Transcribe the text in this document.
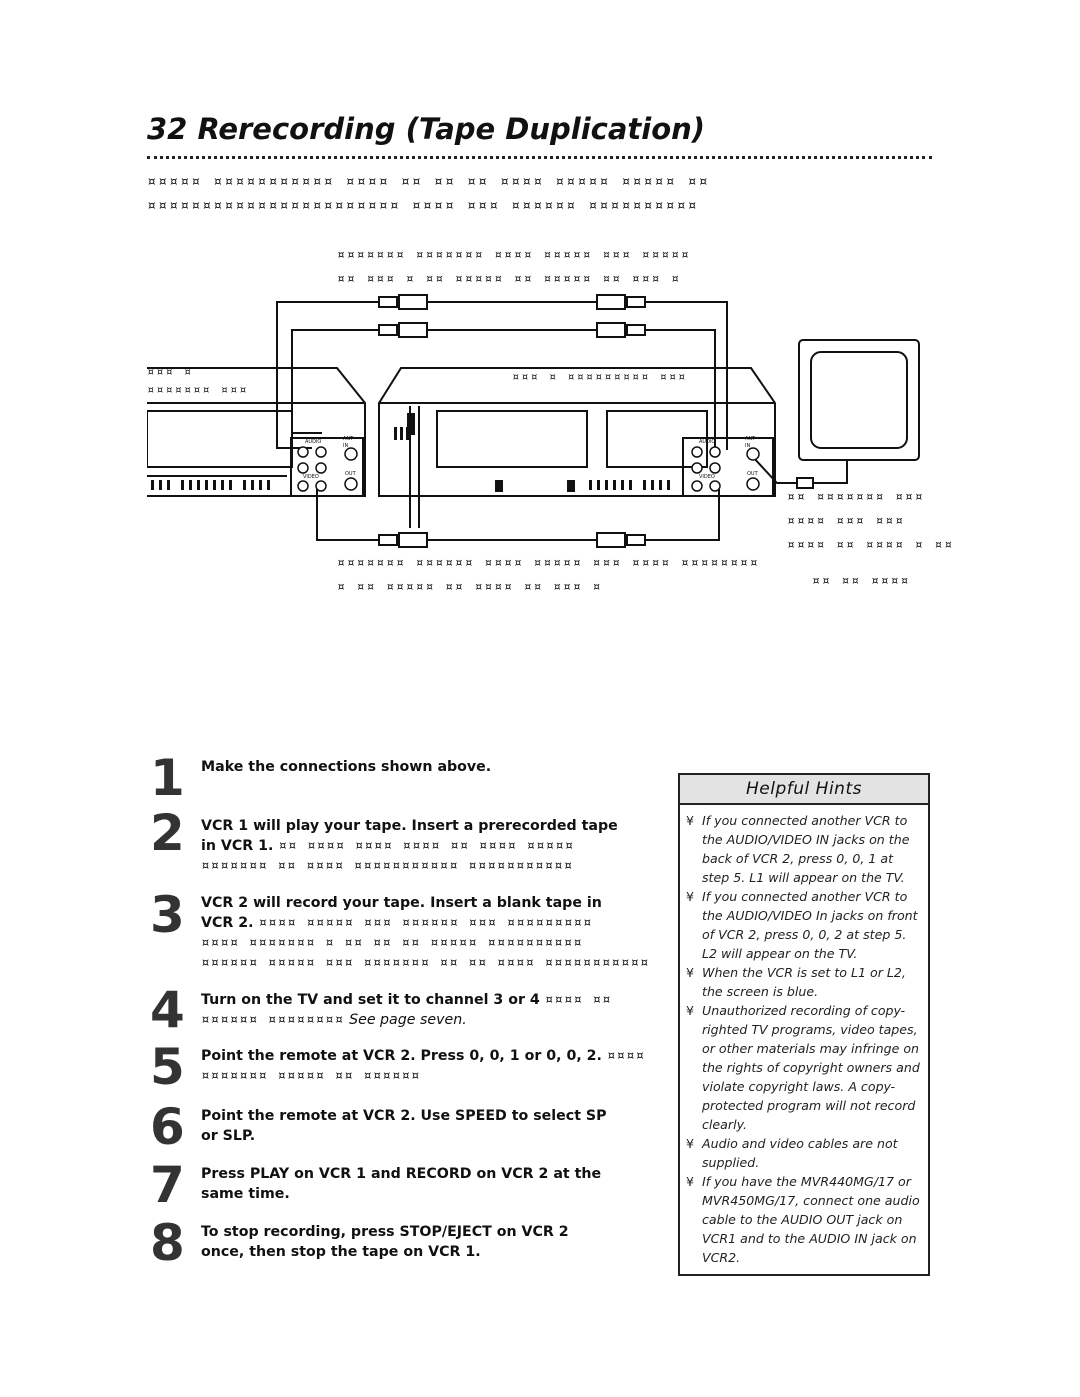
32 Rerecording (Tape Duplication)
¤¤¤¤¤ ¤¤¤¤¤¤¤¤¤¤¤ ¤¤¤¤ ¤¤ ¤¤ ¤¤ ¤¤¤¤ ¤¤¤¤¤ ¤¤¤¤¤ ¤¤
¤¤¤¤¤¤¤¤¤¤¤¤¤¤¤¤¤¤¤¤¤¤¤ ¤¤¤¤ ¤¤¤ ¤¤¤¤¤¤ ¤¤¤¤¤¤¤¤¤¤
¤¤¤¤¤¤¤ ¤¤¤¤¤¤¤ ¤¤¤¤ ¤¤¤¤¤ ¤¤¤ ¤¤¤¤¤
¤¤ ¤¤¤ ¤ ¤¤ ¤¤¤¤¤ ¤¤ ¤¤¤¤¤ ¤¤ ¤¤¤ ¤
¤¤¤ ¤
¤¤¤¤¤¤¤ ¤¤¤
¤¤¤ ¤ ¤¤¤¤¤¤¤¤¤ ¤¤¤
¤¤¤¤¤¤¤ ¤¤¤¤¤¤ ¤¤¤¤ ¤¤¤¤¤ ¤¤¤ ¤¤¤¤ ¤¤¤¤¤¤¤¤
¤ ¤¤ ¤¤¤¤¤ ¤¤ ¤¤¤¤ ¤¤ ¤¤¤ ¤
¤¤ ¤¤¤¤¤¤¤ ¤¤¤
¤¤¤¤ ¤¤¤ ¤¤¤
¤¤¤¤ ¤¤ ¤¤¤¤ ¤ ¤¤
¤¤ ¤¤ ¤¤¤¤
AUDIO	ANT
IN
OUT
VIDEO
AUDIO	ANT
IN
OUT
VIDEO
1 Make the connections shown above.
2 VCR 1 will play your tape. Insert a prerecorded tape
in VCR 1. ¤¤ ¤¤¤¤ ¤¤¤¤ ¤¤¤¤ ¤¤ ¤¤¤¤ ¤¤¤¤¤
¤¤¤¤¤¤¤ ¤¤ ¤¤¤¤ ¤¤¤¤¤¤¤¤¤¤¤ ¤¤¤¤¤¤¤¤¤¤¤
3 VCR 2 will record your tape. Insert a blank tape in
VCR 2. ¤¤¤¤ ¤¤¤¤¤ ¤¤¤ ¤¤¤¤¤¤ ¤¤¤ ¤¤¤¤¤¤¤¤¤
¤¤¤¤ ¤¤¤¤¤¤¤ ¤ ¤¤ ¤¤ ¤¤ ¤¤¤¤¤ ¤¤¤¤¤¤¤¤¤¤
¤¤¤¤¤¤ ¤¤¤¤¤ ¤¤¤ ¤¤¤¤¤¤¤ ¤¤ ¤¤ ¤¤¤¤ ¤¤¤¤¤¤¤¤¤¤¤
4 Turn on the TV and set it to channel 3 or 4 ¤¤¤¤ ¤¤
¤¤¤¤¤¤ ¤¤¤¤¤¤¤¤ See page seven.
5 Point the remote at VCR 2. Press 0, 0, 1 or 0, 0, 2. ¤¤¤¤
¤¤¤¤¤¤¤ ¤¤¤¤¤ ¤¤ ¤¤¤¤¤¤
6 Point the remote at VCR 2. Use SPEED to select SP
or SLP.
7 Press PLAY on VCR 1 and RECORD on VCR 2 at the
same time.
8 To stop recording, press STOP/EJECT on VCR 2
once, then stop the tape on VCR 1.
Helpful Hints
¥ If you connected another VCR to the AUDIO/VIDEO IN jacks on the back of VCR 2, press 0, 0, 1 at step 5. L1 will appear on the TV.
¥ If you connected another VCR to the AUDIO/VIDEO In jacks on front of VCR 2, press 0, 0, 2 at step 5. L2 will appear on the TV.
¥ When the VCR is set to L1 or L2, the screen is blue.
¥ Unauthorized recording of copy-righted TV programs, video tapes, or other materials may infringe on the rights of copyright owners and violate copyright laws. A copy-protected program will not record clearly.
¥ Audio and video cables are not supplied.
¥ If you have the MVR440MG/17 or MVR450MG/17, connect one audio cable to the AUDIO OUT jack on VCR1 and to the AUDIO IN jack on VCR2.
